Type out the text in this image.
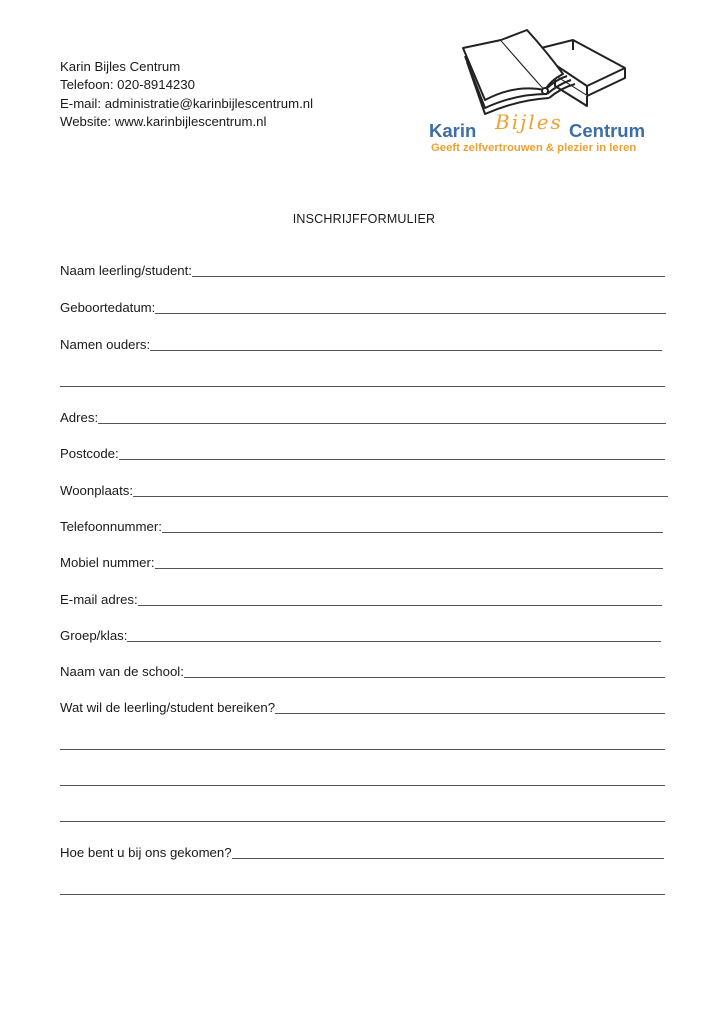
Karin Bijles Centrum
Telefoon: 020-8914230
E-mail: administratie@karinbijlescentrum.nl
Website: www.karinbijlescentrum.nl	Karin Bijles Centrum
Geeft zelfvertrouwen & plezier in leren
INSCHRIJFFORMULIER
Naam leerling/student:
Geboortedatum:
Namen ouders:
Adres:
Postcode:
Woonplaats:
Telefoonnummer:
Mobiel nummer:
E-mail adres:
Groep/klas:
Naam van de school:
Wat wil de leerling/student bereiken?
Hoe bent u bij ons gekomen?
